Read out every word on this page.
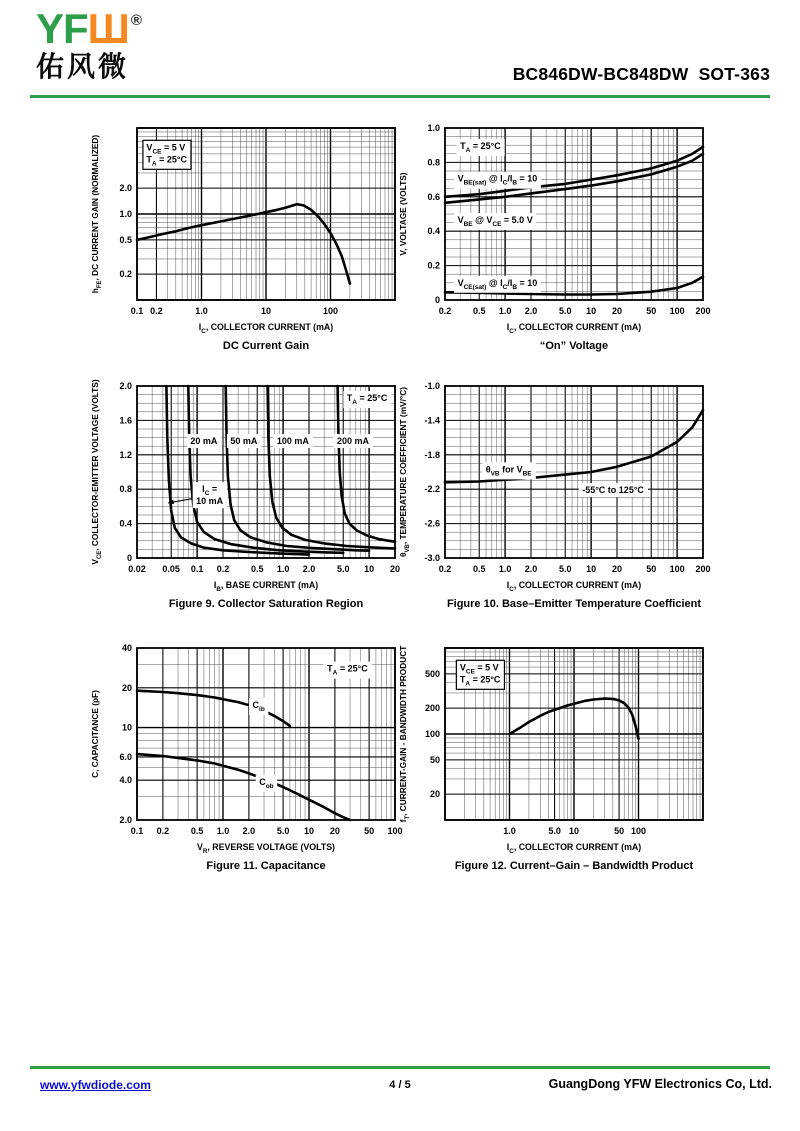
YFШ ®
佑风微	BC846DW-BC848DW  SOT-363
$V_{CE} = 5$ V
$T_A = 25^\circ C$
0.1 0.2	1.0	10	100
0.2
0.5
1.0
2.0
$I_C$, COLLECTOR CURRENT (mA)
$h_{FE}$, DC CURRENT GAIN (NORMALIZED)
DC Current Gain
$T_A = 25^\circ C$
$V_{BE(sat)}$ @ $I_C/I_B = 10$
$V_{BE}$ @ $V_{CE} = 5.0$ V
$V_{CE(sat)}$ @ $I_C/I_B = 10$
0.2 0.5 1.0 2.0 5.0 10 20	50 100 200
0
0.2
0.4
0.6
0.8
1.0
$I_C$, COLLECTOR CURRENT (mA)
V, VOLTAGE (VOLTS)
“On” Voltage
$T_A = 25^\circ C$
20 mA 50 mA 100 mA	200 mA
$I_C$ =
10 mA
0.02 0.05 0.1 0.2 0.5 1.0 2.0 5.0 10 20
0
0.4
0.8
1.2
1.6
2.0
$I_B$, BASE CURRENT (mA)
$V_{CE}$, COLLECTOR-EMITTER VOLTAGE (VOLTS)
Figure 9. Collector Saturation Region
$\theta_{VB}$ for $V_{BE}$
-55°C to 125°C
0.2 0.5 1.0 2.0 5.0 10 20	50 100 200
-1.0
-1.4
-1.8
-2.2
-2.6
-3.0
$I_C$, COLLECTOR CURRENT (mA)
$\theta_{VB}$, TEMPERATURE COEFFICIENT (mV/°C)
Figure 10. Base–Emitter Temperature Coefficient
$T_A = 25^\circ C$
$C_{ib}$
$C_{ob}$
0.1 0.2 0.5 1.0 2.0 5.0 10 20	50 100
2.0
4.0
6.0
10
20
40
$V_R$, REVERSE VOLTAGE (VOLTS)
C, CAPACITANCE (pF)
Figure 11. Capacitance
$V_{CE} = 5$ V
$T_A = 25^\circ C$
1.0	5.0 10	50 100
20
50
100
200
500
$I_C$, COLLECTOR CURRENT (mA)
$f_T$, CURRENT-GAIN - BANDWIDTH PRODUCT
Figure 12. Current–Gain – Bandwidth Product
www.yfwdiode.com	4 / 5	GuangDong YFW Electronics Co, Ltd.
